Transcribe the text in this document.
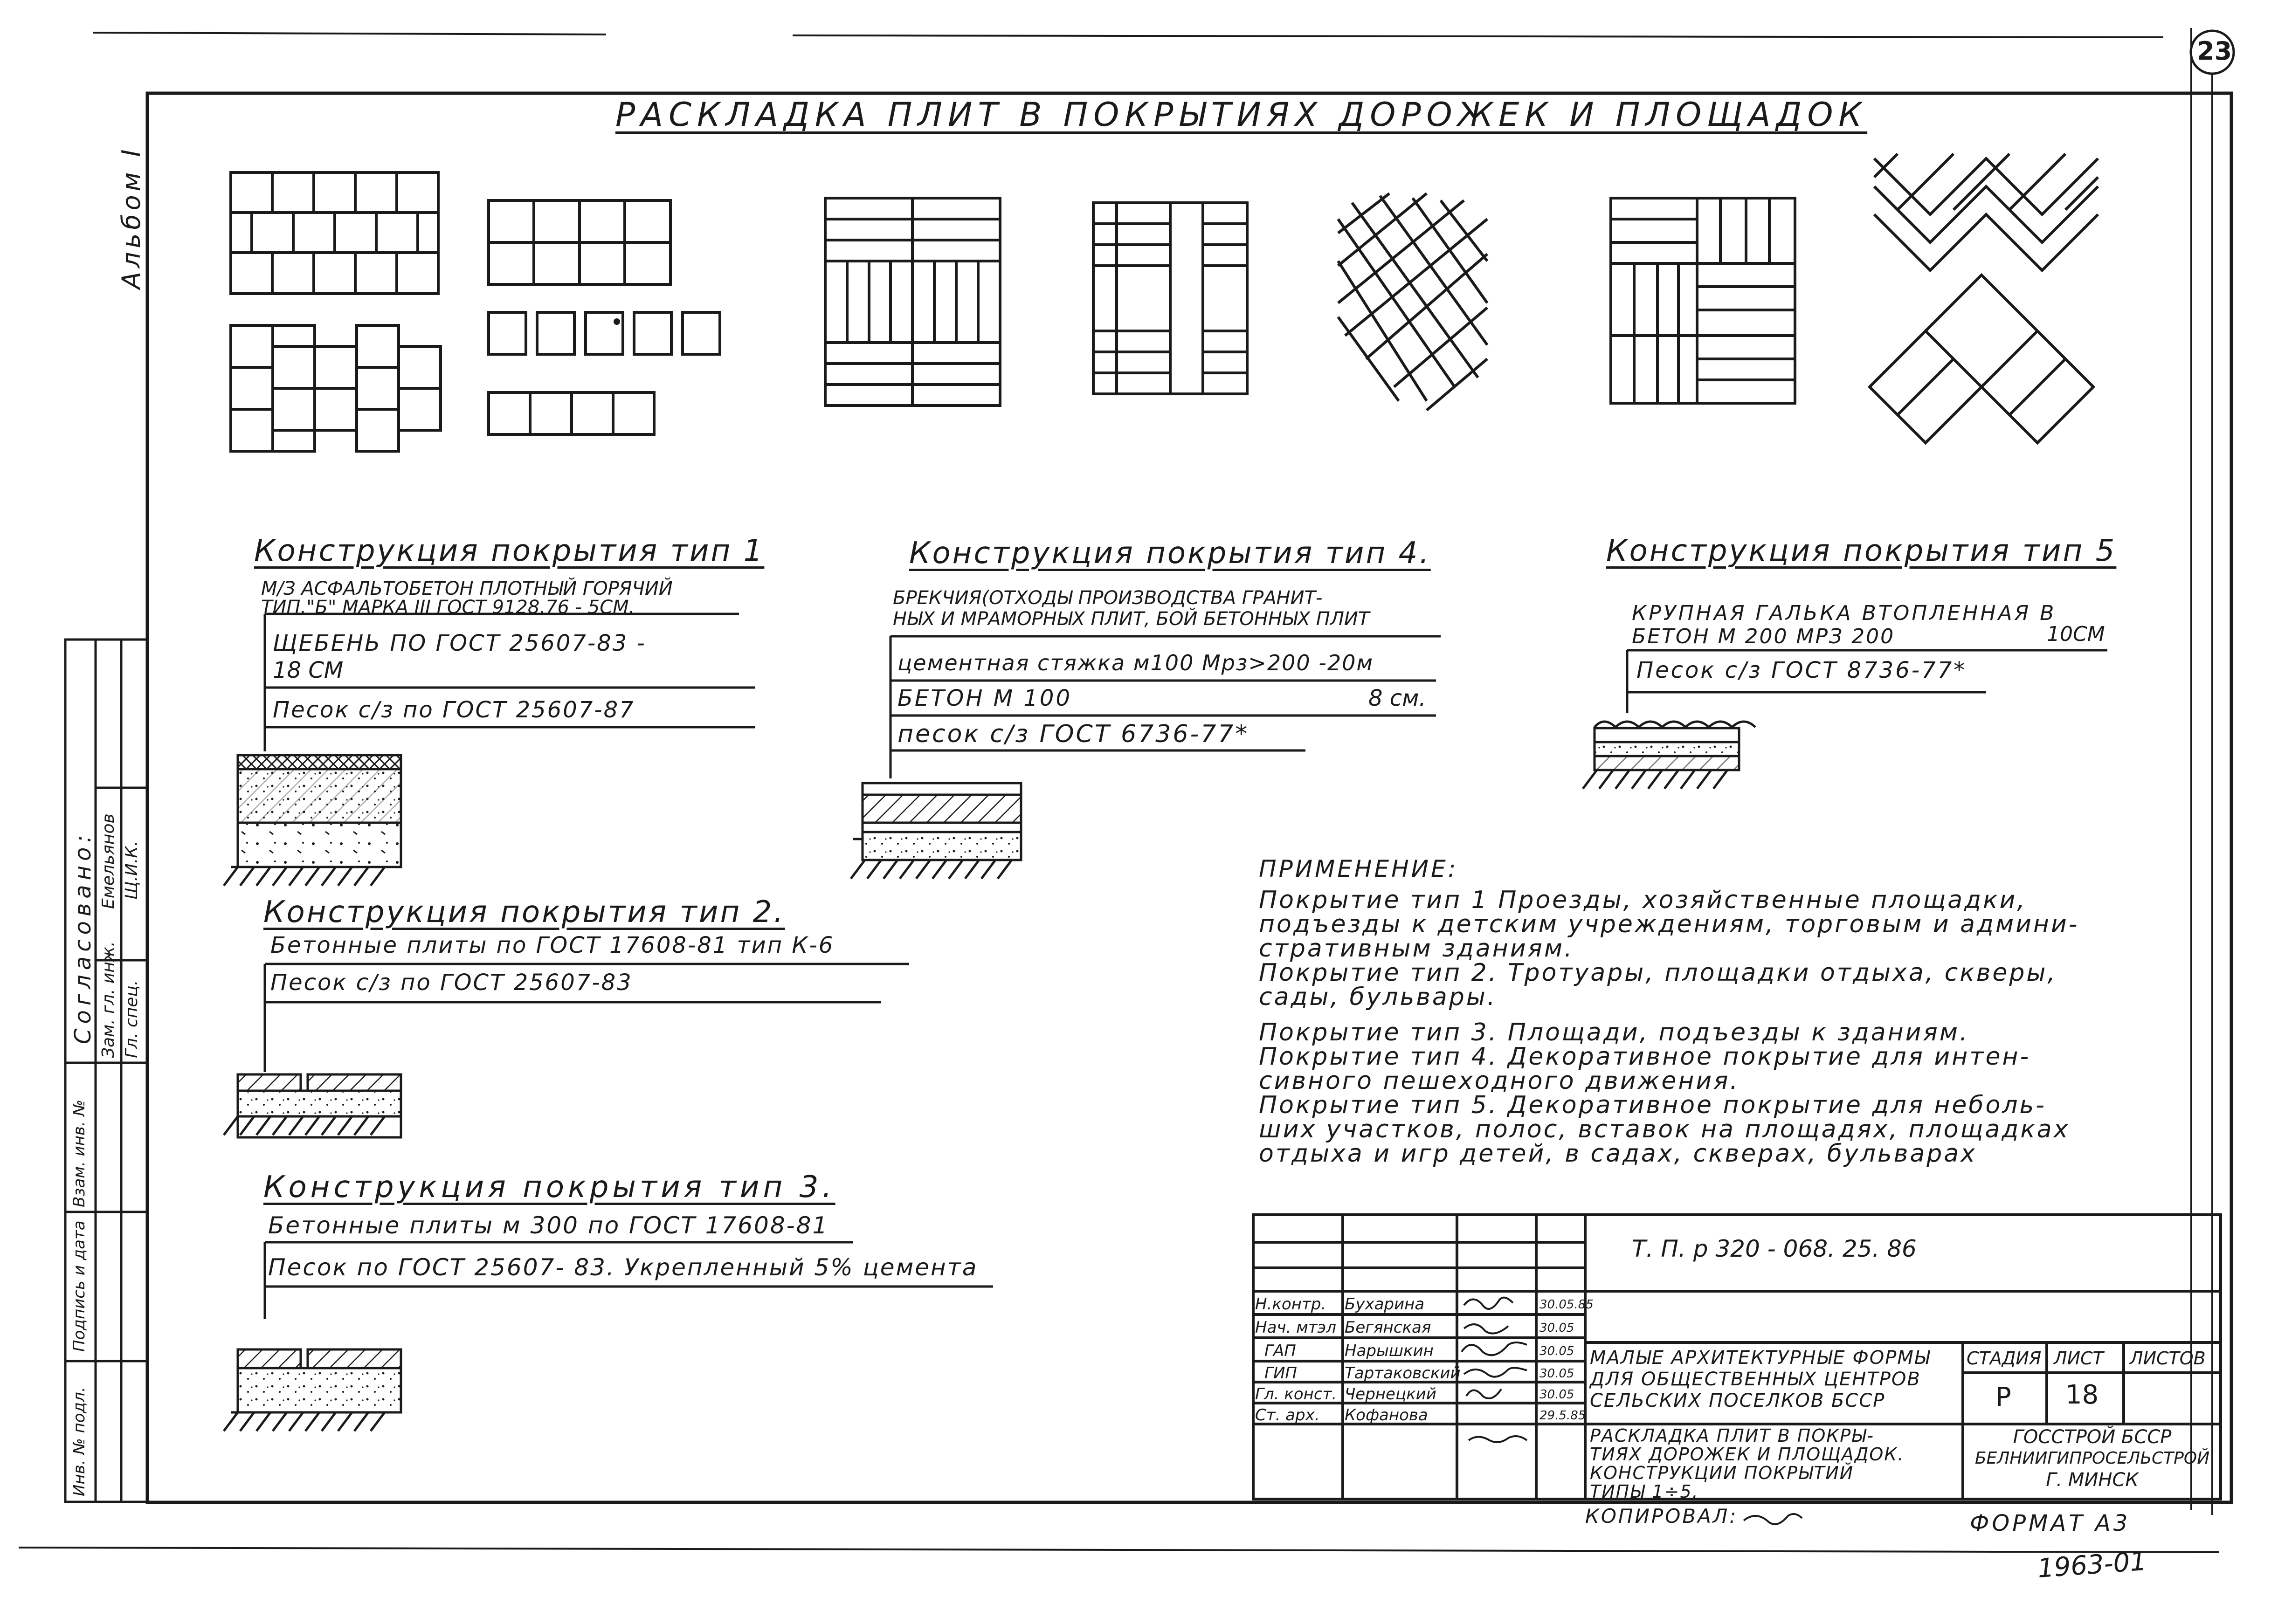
23
РАСКЛАДКА ПЛИТ В ПОКРЫТИЯХ ДОРОЖЕК И ПЛОЩАДОК
Альбом I
Конструкция покрытия тип 1
М/З АСФАЛЬТОБЕТОН ПЛОТНЫЙ ГОРЯЧИЙ
ТИП."Б" МАРКА III ГОСТ 9128.76 - 5СМ.
ЩЕБЕНЬ ПО ГОСТ 25607-83 -
18 СМ
Песок с/з по ГОСТ 25607-87
Конструкция покрытия тип 2.
Бетонные плиты по ГОСТ 17608-81 тип К-6
Песок с/з по ГОСТ 25607-83
Конструкция покрытия тип 3.
Бетонные плиты м 300 по ГОСТ 17608-81
Песок по ГОСТ 25607- 83. Укрепленный 5% цемента
Конструкция покрытия тип 4.
БРЕКЧИЯ(ОТХОДЫ ПРОИЗВОДСТВА ГРАНИТ-
НЫХ И МРАМОРНЫХ ПЛИТ, БОЙ БЕТОННЫХ ПЛИТ
цементная стяжка м100 Мрз>200 -20м
БЕТОН М 100	8 см.
песок с/з ГОСТ 6736-77*
Конструкция покрытия тип 5
КРУПНАЯ ГАЛЬКА ВТОПЛЕННАЯ В
БЕТОН М 200 МРЗ 200	10СМ
Песок с/з ГОСТ 8736-77*
ПРИМЕНЕНИЕ:
Покрытие тип 1 Проезды, хозяйственные площадки,
подъезды к детским учреждениям, торговым и админи-
стративным зданиям.
Покрытие тип 2. Тротуары, площадки отдыха, скверы,
сады, бульвары.
Покрытие тип 3. Площади, подъезды к зданиям.
Покрытие тип 4. Декоративное покрытие для интен-
сивного пешеходного движения.
Покрытие тип 5. Декоративное покрытие для неболь-
ших участков, полос, вставок на площадях, площадках
отдыха и игр детей, в садах, скверах, бульварах
Т. П. р 320 - 068. 25. 86
Н.контр. Бухарина	30.05.85
Нач. мтэл Бегянская	30.05
ГАП	Нарышкин	30.05
ГИП	Тартаковский	30.05
Гл. конст. Чернецкий	30.05
Ст. арх. Кофанова	29.5.85
МАЛЫЕ АРХИТЕКТУРНЫЕ ФОРМЫ
ДЛЯ ОБЩЕСТВЕННЫХ ЦЕНТРОВ
СЕЛЬСКИХ ПОСЕЛКОВ БССР
РАСКЛАДКА ПЛИТ В ПОКРЫ-
ТИЯХ ДОРОЖЕК И ПЛОЩАДОК.
КОНСТРУКЦИИ ПОКРЫТИЙ
ТИПЫ 1÷5.
СТАДИЯ ЛИСТ ЛИСТОВ
Р 18
ГОССТРОЙ БССР
БЕЛНИИГИПРОСЕЛЬСТРОЙ
Г. МИНСК
КОПИРОВАЛ:	ФОРМАТ А3
1963-01
Согласовано: Зам. гл. инж.
Емельянов
Гл. спец.
Щ.И.К.
Инв. № подл.
Подпись и дата
Взам. инв. №
